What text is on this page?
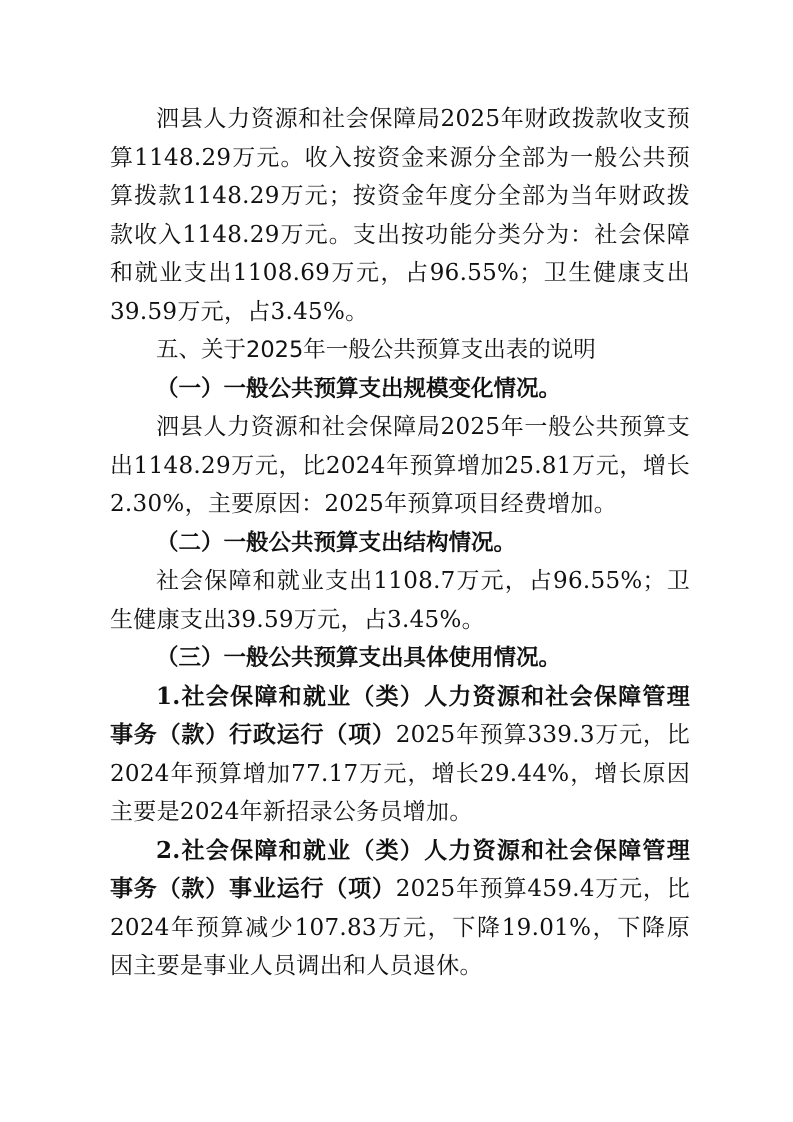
泗县人力资源和社会保障局2025年财政拨款收支预算1148.29万元。收入按资金来源分全部为一般公共预算拨款1148.29万元；按资金年度分全部为当年财政拨款收入1148.29万元。支出按功能分类分为：社会保障和就业支出1108.69万元，占96.55%；卫生健康支出39.59万元，占3.45%。

五、关于2025年一般公共预算支出表的说明

（一）一般公共预算支出规模变化情况。

泗县人力资源和社会保障局2025年一般公共预算支出1148.29万元，比2024年预算增加25.81万元，增长2.30%，主要原因：2025年预算项目经费增加。

（二）一般公共预算支出结构情况。

社会保障和就业支出1108.7万元，占96.55%；卫生健康支出39.59万元，占3.45%。

（三）一般公共预算支出具体使用情况。

1.社会保障和就业（类）人力资源和社会保障管理事务（款）行政运行（项）2025年预算339.3万元，比2024年预算增加77.17万元，增长29.44%，增长原因主要是2024年新招录公务员增加。

2.社会保障和就业（类）人力资源和社会保障管理事务（款）事业运行（项）2025年预算459.4万元，比2024年预算减少107.83万元，下降19.01%，下降原因主要是事业人员调出和人员退休。
